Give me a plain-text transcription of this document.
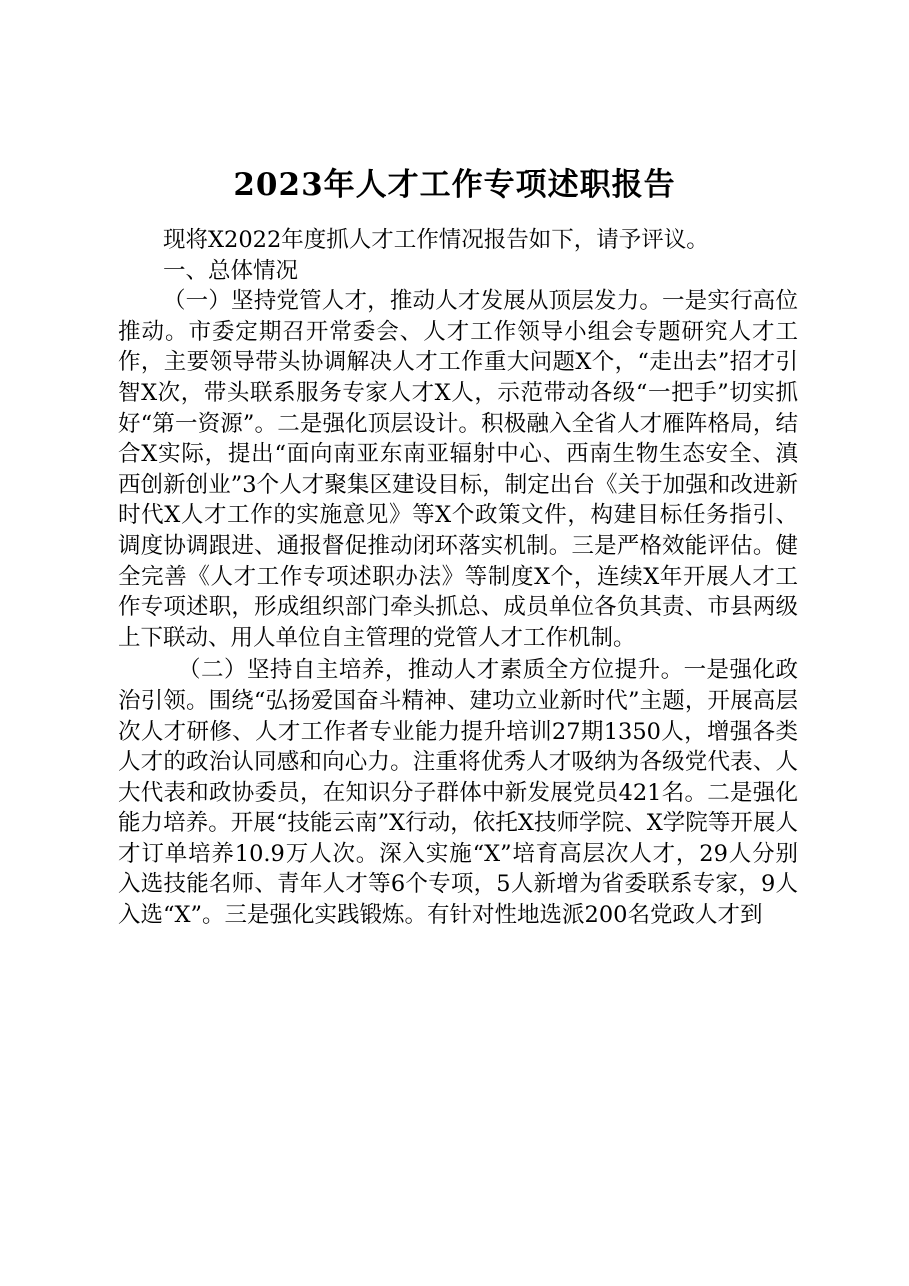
2023年人才工作专项述职报告

现将X2022年度抓人才工作情况报告如下，请予评议。

一、总体情况

（一）坚持党管人才，推动人才发展从顶层发力。一是实行高位推动。市委定期召开常委会、人才工作领导小组会专题研究人才工作，主要领导带头协调解决人才工作重大问题X个，“走出去”招才引智X次，带头联系服务专家人才X人，示范带动各级“一把手”切实抓好“第一资源”。二是强化顶层设计。积极融入全省人才雁阵格局，结合X实际，提出“面向南亚东南亚辐射中心、西南生物生态安全、滇西创新创业”3个人才聚集区建设目标，制定出台《关于加强和改进新时代X人才工作的实施意见》等X个政策文件，构建目标任务指引、调度协调跟进、通报督促推动闭环落实机制。三是严格效能评估。健全完善《人才工作专项述职办法》等制度X个，连续X年开展人才工作专项述职，形成组织部门牵头抓总、成员单位各负其责、市县两级上下联动、用人单位自主管理的党管人才工作机制。

（二）坚持自主培养，推动人才素质全方位提升。一是强化政治引领。围绕“弘扬爱国奋斗精神、建功立业新时代”主题，开展高层次人才研修、人才工作者专业能力提升培训27期1350人，增强各类人才的政治认同感和向心力。注重将优秀人才吸纳为各级党代表、人大代表和政协委员，在知识分子群体中新发展党员421名。二是强化能力培养。开展“技能云南”X行动，依托X技师学院、X学院等开展人才订单培养10.9万人次。深入实施“X”培育高层次人才，29人分别入选技能名师、青年人才等6个专项，5人新增为省委联系专家，9人入选“X”。三是强化实践锻炼。有针对性地选派200名党政人才到
